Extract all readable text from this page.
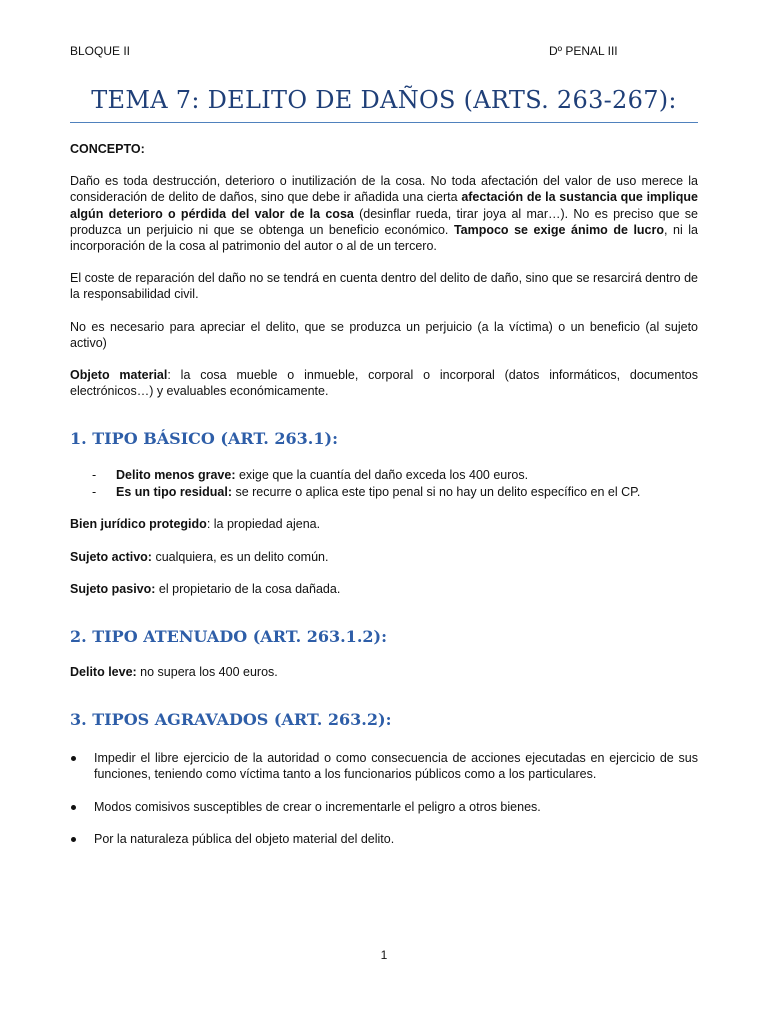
BLOQUE II	Dº PENAL III
TEMA 7: DELITO DE DAÑOS (ARTS. 263-267):

CONCEPTO:

Daño es toda destrucción, deterioro o inutilización de la cosa. No toda afectación del valor de uso merece la consideración de delito de daños, sino que debe ir añadida una cierta afectación de la sustancia que implique algún deterioro o pérdida del valor de la cosa (desinflar rueda, tirar joya al mar…). No es preciso que se produzca un perjuicio ni que se obtenga un beneficio económico. Tampoco se exige ánimo de lucro, ni la incorporación de la cosa al patrimonio del autor o al de un tercero.

El coste de reparación del daño no se tendrá en cuenta dentro del delito de daño, sino que se resarcirá dentro de la responsabilidad civil.

No es necesario para apreciar el delito, que se produzca un perjuicio (a la víctima) o un beneficio (al sujeto activo)

Objeto material: la cosa mueble o inmueble, corporal o incorporal (datos informáticos, documentos electrónicos…) y evaluables económicamente.

1. TIPO BÁSICO (ART. 263.1):
- Delito menos grave: exige que la cuantía del daño exceda los 400 euros.
- Es un tipo residual: se recurre o aplica este tipo penal si no hay un delito específico en el CP.

Bien jurídico protegido: la propiedad ajena.

Sujeto activo: cualquiera, es un delito común.

Sujeto pasivo: el propietario de la cosa dañada.

2. TIPO ATENUADO (ART. 263.1.2):

Delito leve: no supera los 400 euros.

3. TIPOS AGRAVADOS (ART. 263.2):
Impedir el libre ejercicio de la autoridad o como consecuencia de acciones ejecutadas en ejercicio de sus funciones, teniendo como víctima tanto a los funcionarios públicos como a los particulares.
Modos comisivos susceptibles de crear o incrementarle el peligro a otros bienes.
Por la naturaleza pública del objeto material del delito.
1
